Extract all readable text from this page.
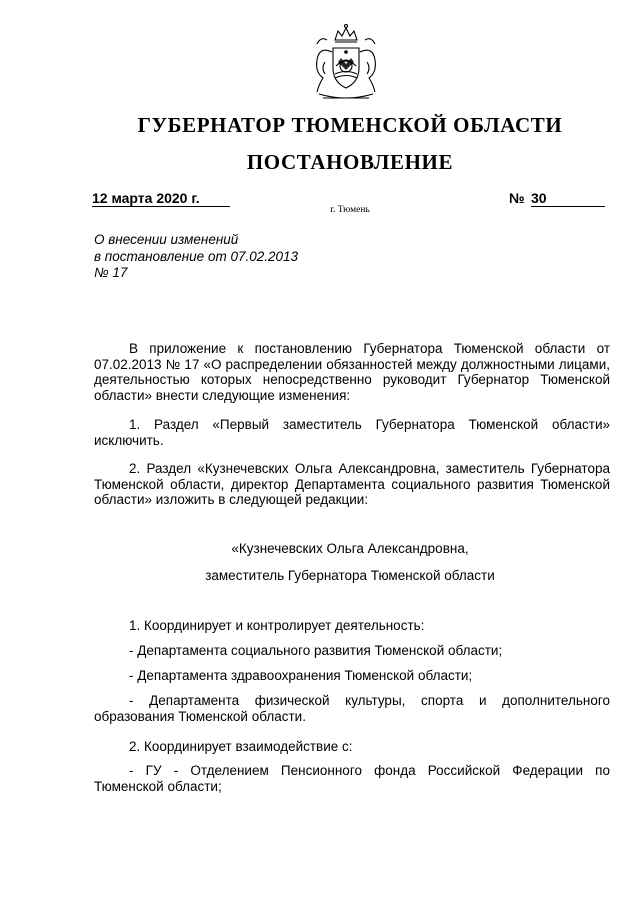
ГУБЕРНАТОР ТЮМЕНСКОЙ ОБЛАСТИ
ПОСТАНОВЛЕНИЕ
12 марта 2020 г.	№ 30
г. Тюмень
О внесении изменений
в постановление от 07.02.2013
№ 17
В приложение к постановлению Губернатора Тюменской области от 07.02.2013 № 17 «О распределении обязанностей между должностными лицами, деятельностью которых непосредственно руководит Губернатор Тюменской области» внести следующие изменения:
1. Раздел «Первый заместитель Губернатора Тюменской области» исключить.
2. Раздел «Кузнечевских Ольга Александровна, заместитель Губернатора Тюменской области, директор Департамента социального развития Тюменской области» изложить в следующей редакции:
«Кузнечевских Ольга Александровна,
заместитель Губернатора Тюменской области
1. Координирует и контролирует деятельность:
- Департамента социального развития Тюменской области;
- Департамента здравоохранения Тюменской области;
- Департамента физической культуры, спорта и дополнительного образования Тюменской области.
2. Координирует взаимодействие с:
- ГУ - Отделением Пенсионного фонда Российской Федерации по Тюменской области;
